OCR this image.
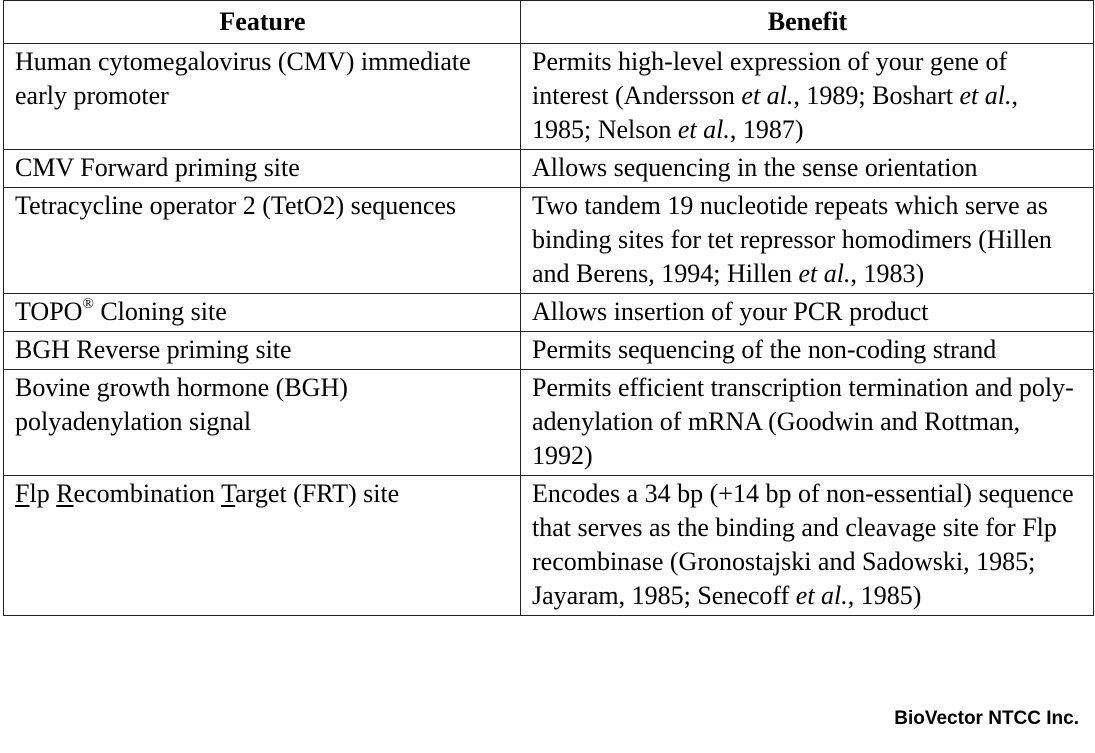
Feature	Benefit
Human cytomegalovirus (CMV) immediate early promoter	Permits high-level expression of your gene of interest (Andersson et al., 1989; Boshart et al., 1985; Nelson et al., 1987)
CMV Forward priming site	Allows sequencing in the sense orientation
Tetracycline operator 2 (TetO2) sequences	Two tandem 19 nucleotide repeats which serve as binding sites for tet repressor homodimers (Hillen and Berens, 1994; Hillen et al., 1983)
TOPO® Cloning site	Allows insertion of your PCR product
BGH Reverse priming site	Permits sequencing of the non-coding strand
Bovine growth hormone (BGH) polyadenylation signal	Permits efficient transcription termination and poly-adenylation of mRNA (Goodwin and Rottman, 1992)
Flp Recombination Target (FRT) site	Encodes a 34 bp (+14 bp of non-essential) sequence that serves as the binding and cleavage site for Flp recombinase (Gronostajski and Sadowski, 1985; Jayaram, 1985; Senecoff et al., 1985)
BioVector NTCC Inc.
